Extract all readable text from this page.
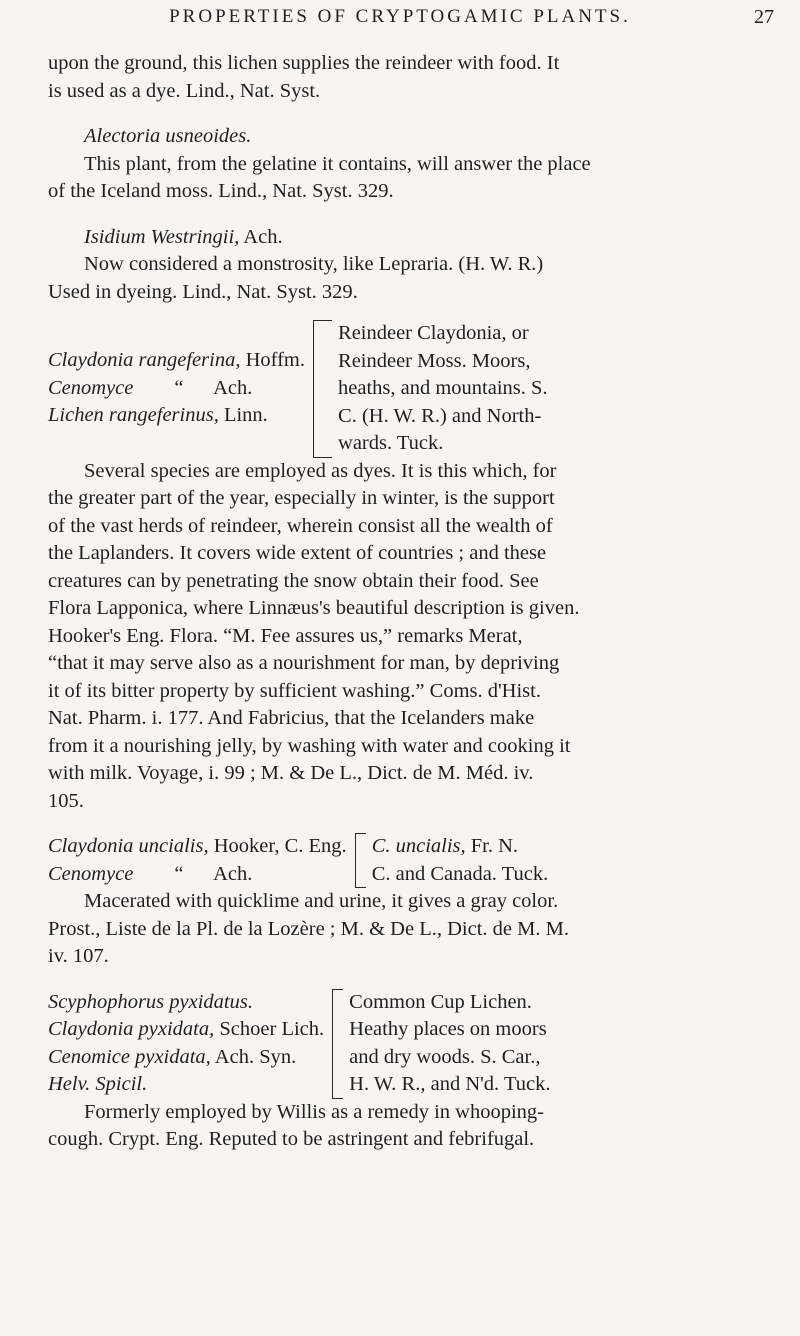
PROPERTIES OF CRYPTOGAMIC PLANTS.	27

upon the ground, this lichen supplies the reindeer with food. It

is used as a dye. Lind., Nat. Syst.

Alectoria usneoides.

This plant, from the gelatine it contains, will answer the place

of the Iceland moss. Lind., Nat. Syst. 329.

Isidium Westringii, Ach.

Now considered a monstrosity, like Lepraria. (H. W. R.)

Used in dyeing. Lind., Nat. Syst. 329.

Claydonia rangeferina, Hoffm.
Cenomyce        “      Ach.
Lichen rangeferinus, Linn.
Reindeer Claydonia, or
Reindeer Moss. Moors,
heaths, and mountains. S.
C. (H. W. R.) and North-
wards. Tuck.

Several species are employed as dyes. It is this which, for

the greater part of the year, especially in winter, is the support

of the vast herds of reindeer, wherein consist all the wealth of

the Laplanders. It covers wide extent of countries ; and these

creatures can by penetrating the snow obtain their food. See

Flora Lapponica, where Linnæus's beautiful description is given.

Hooker's Eng. Flora. “M. Fee assures us,” remarks Merat,

“that it may serve also as a nourishment for man, by depriving

it of its bitter property by sufficient washing.” Coms. d'Hist.

Nat. Pharm. i. 177. And Fabricius, that the Icelanders make

from it a nourishing jelly, by washing with water and cooking it

with milk. Voyage, i. 99 ; M. & De L., Dict. de M. Méd. iv.

105.

Claydonia uncialis, Hooker, C. Eng.
Cenomyce        “      Ach.
C. uncialis, Fr. N.
C. and Canada. Tuck.

Macerated with quicklime and urine, it gives a gray color.

Prost., Liste de la Pl. de la Lozère ; M. & De L., Dict. de M. M.

iv. 107.

Scyphophorus pyxidatus.
Claydonia pyxidata, Schoer Lich.
Cenomice pyxidata, Ach. Syn.
Helv. Spicil.
Common Cup Lichen.
Heathy places on moors
and dry woods. S. Car.,
H. W. R., and N'd. Tuck.

Formerly employed by Willis as a remedy in whooping-

cough. Crypt. Eng. Reputed to be astringent and febrifugal.
